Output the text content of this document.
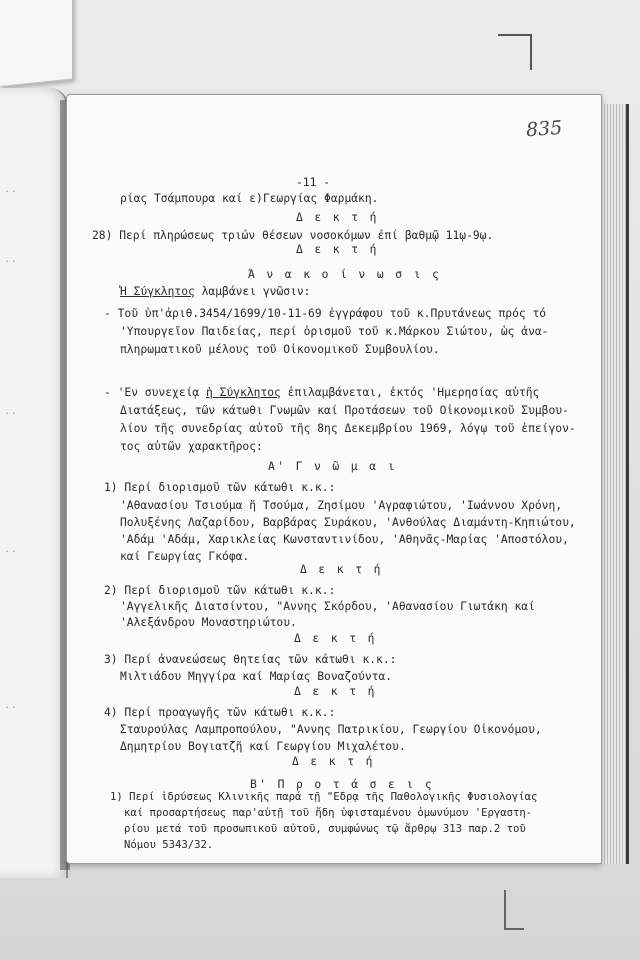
..
..
..
..
..
835
-11 -
ρίας Τσάμπουρα καί ε)Γεωργίας Φαρμάκη.
Δ ε κ τ ή
28) Περί πληρώσεως τριών θέσεων νοσοκόμων έπί βαθμῷ 11ῳ-9ῳ.
Δ ε κ τ ή
Ά ν α κ ο ί ν ω σ ι ς
Ἡ Σύγκλητος λαμβάνει γνῶσιν:
- Τοῦ ὑπ'ἀριθ.3454/1699/10-11-69 ἐγγράφου τοῦ κ.Πρυτάνεως πρός τό
'Υπουργεῖον Παιδείας, περί ὁρισμοῦ τοῦ κ.Μάρκου Σιώτου, ὡς ἀνα-
πληρωματικοῦ μέλους τοῦ Οἰκονομικοῦ Συμβουλίου.
- 'Εν συνεχείᾳ ἡ Σύγκλητος ἐπιλαμβάνεται, ἐκτός 'Ημερησίας αὐτῆς
Διατάξεως, τῶν κάτωθι Γνωμῶν καί Προτάσεων τοῦ Οἰκονομικοῦ Συμβου-
λίου τῆς συνεδρίας αὐτοῦ τῆς 8ης Δεκεμβρίου 1969, λόγῳ τοῦ ἐπείγον-
τος αὐτῶν χαρακτῆρος:
Α' Γ ν ῶ μ α ι
1) Περί διορισμοῦ τῶν κάτωθι κ.κ.:
'Αθανασίου Τσιούμα ἤ Τσούμα, Ζησίμου 'Αγραφιώτου, 'Ιωάννου Χρόνη,
Πολυξένης Λαζαρίδου, Βαρβάρας Συράκου, 'Ανθούλας Διαμάντη-Κηπιώτου,
'Αδάμ 'Αδάμ, Χαρικλείας Κωνσταντινίδου, 'Αθηνᾶς-Μαρίας 'Αποστόλου,
καί Γεωργίας Γκόφα.
Δ ε κ τ ή
2) Περί διορισμοῦ τῶν κάτωθι κ.κ.:
'Αγγελικῆς Διατσίντου, "Αννης Σκόρδου, 'Αθανασίου Γιωτάκη καί
'Αλεξάνδρου Μοναστηριώτου.
Δ ε κ τ ή
3) Περί ἀνανεώσεως θητείας τῶν κάτωθι κ.κ.:
Μιλτιάδου Μηγγίρα καί Μαρίας Βοναζούντα.
Δ ε κ τ ή
4) Περί προαγωγῆς τῶν κάτωθι κ.κ.:
Σταυρούλας Λαμπροπούλου, "Αννης Πατρικίου, Γεωργίου Οἰκονόμου,
Δημητρίου Βογιατζῆ καί Γεωργίου Μιχαλέτου.
Δ ε κ τ ή
Β' Π ρ ο τ ά σ ε ι ς
1) Περί ἱδρύσεως Κλινικῆς παρά τῇ "Εδρᾳ τῆς Παθολογικῆς Φυσιολογίας
καί προσαρτήσεως παρ'αὐτῇ τοῦ ἤδη ὑφισταμένου ὁμωνύμου 'Εργαστη-
ρίου μετά τοῦ προσωπικοῦ αὐτοῦ, συμφώνως τῷ ἄρθρῳ 313 παρ.2 τοῦ
Νόμου 5343/32.
